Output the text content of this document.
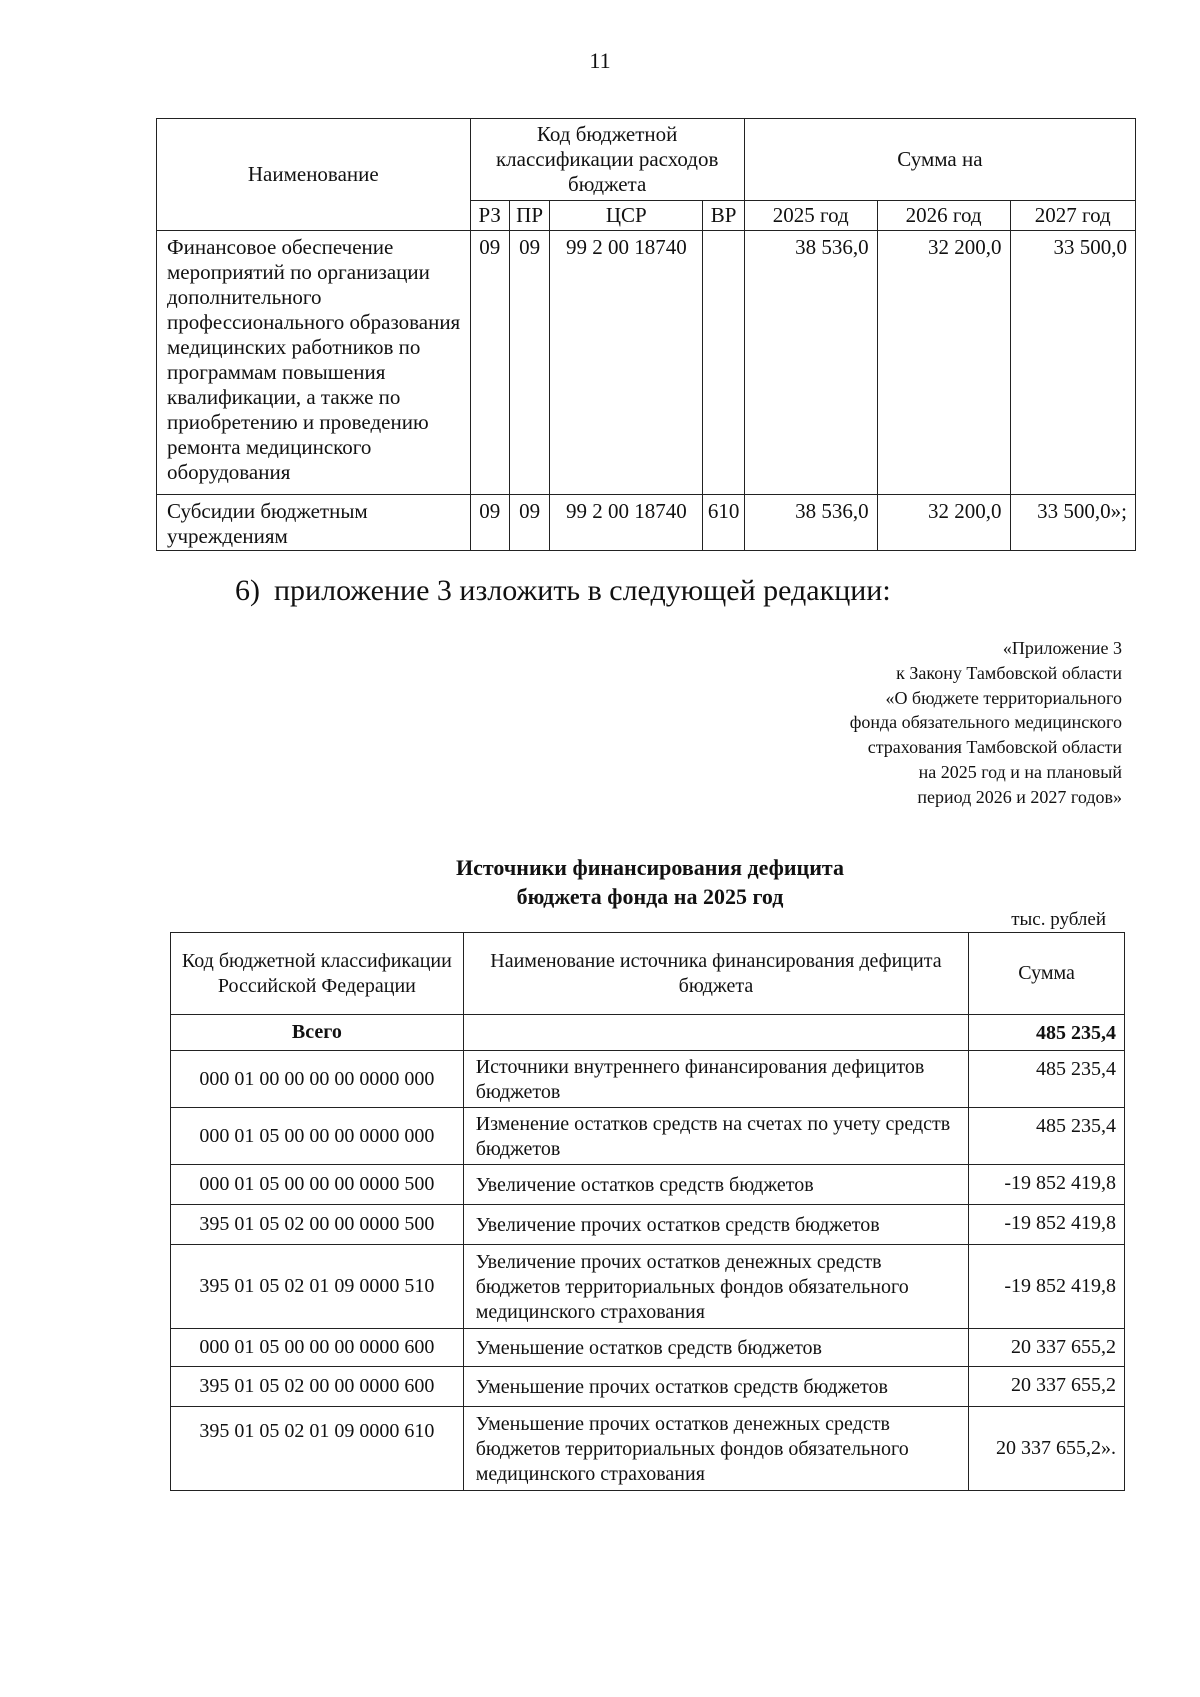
11
Наименование	Код бюджетной классификации расходов бюджета				Сумма на		
	РЗ	ПР	ЦСР	ВР	2025 год	2026 год	2027 год
Финансовое обеспечение мероприятий по организации дополнительного профессионального образования медицинских работников по программам повышения квалификации, а также по приобретению и проведению ремонта медицинского оборудования	09	09	99 2 00 18740		38 536,0	32 200,0	33 500,0
Субсидии бюджетным учреждениям	09	09	99 2 00 18740	610	38 536,0	32 200,0	33 500,0»;
6) приложение 3 изложить в следующей редакции:
«Приложение 3
к Закону Тамбовской области
«О бюджете территориального
фонда обязательного медицинского
страхования Тамбовской области
на 2025 год и на плановый
период 2026 и 2027 годов»
Источники финансирования дефицита
бюджета фонда на 2025 год
тыс. рублей
Код бюджетной классификации Российской Федерации	Наименование источника финансирования дефицита бюджета	Сумма
Всего		485 235,4
000 01 00 00 00 00 0000 000	Источники внутреннего финансирования дефицитов бюджетов	485 235,4
000 01 05 00 00 00 0000 000	Изменение остатков средств на счетах по учету средств бюджетов	485 235,4
000 01 05 00 00 00 0000 500	Увеличение остатков средств бюджетов	-19 852 419,8
395 01 05 02 00 00 0000 500	Увеличение прочих остатков средств бюджетов	-19 852 419,8
395 01 05 02 01 09 0000 510	Увеличение прочих остатков денежных средств бюджетов территориальных фондов обязательного медицинского страхования	-19 852 419,8
000 01 05 00 00 00 0000 600	Уменьшение остатков средств бюджетов	20 337 655,2
395 01 05 02 00 00 0000 600	Уменьшение прочих остатков средств бюджетов	20 337 655,2
395 01 05 02 01 09 0000 610	Уменьшение прочих остатков денежных средств бюджетов территориальных фондов обязательного медицинского страхования	20 337 655,2».
